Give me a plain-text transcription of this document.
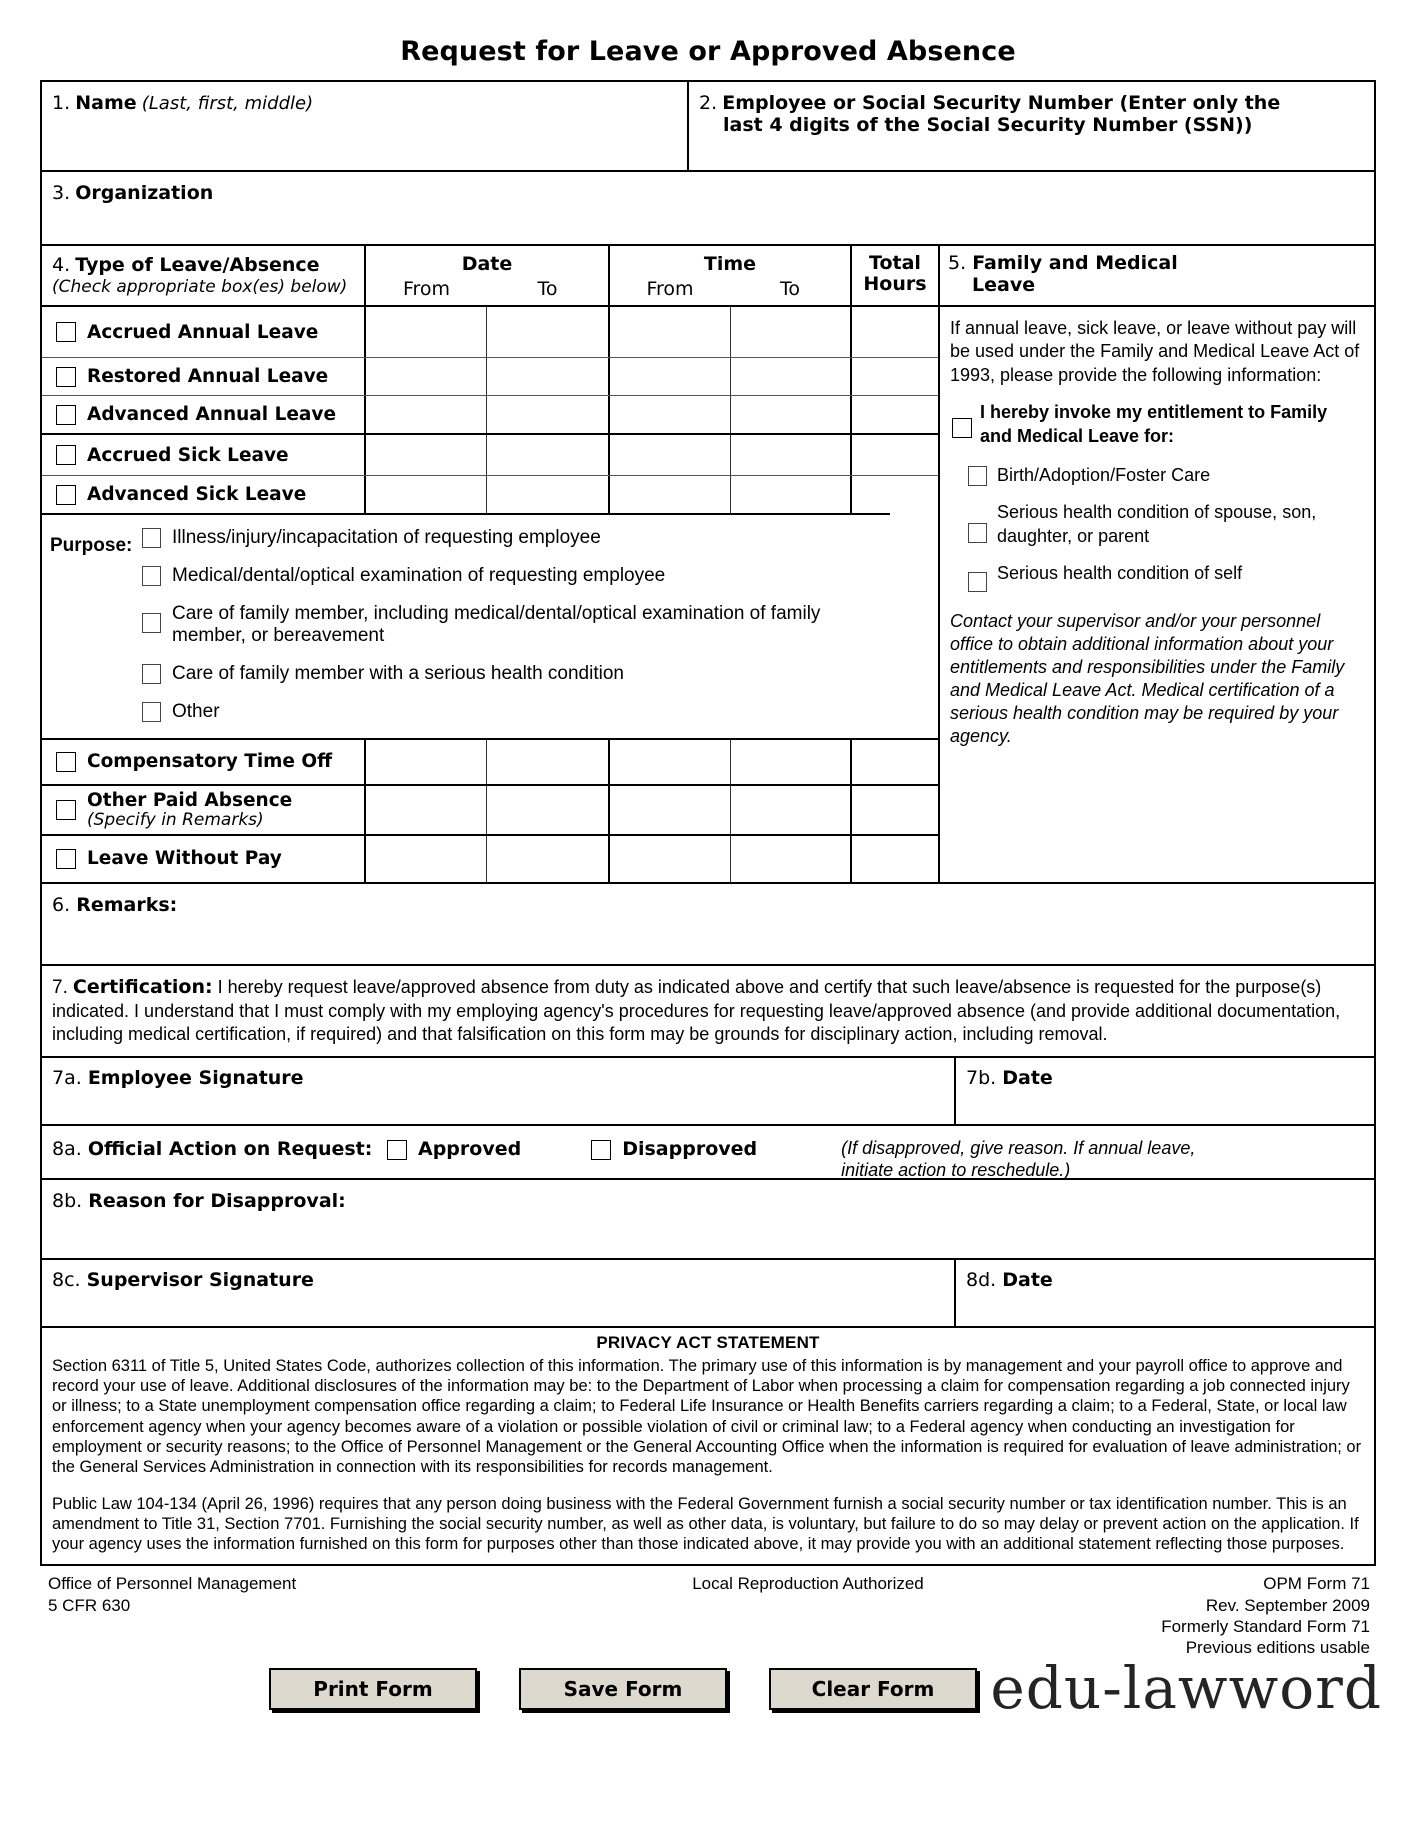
Request for Leave or Approved Absence
1. Name (Last, first, middle)	2. Employee or Social Security Number (Enter only the
last 4 digits of the Social Security Number (SSN))
3. Organization
4. Type of Leave/Absence
(Check appropriate box(es) below)
Date
From	To
Time
From	To
Total
Hours
5. Family and Medical
Leave
Accrued Annual Leave
Restored Annual Leave
Advanced Annual Leave
Accrued Sick Leave
Advanced Sick Leave
Purpose: Illness/injury/incapacitation of requesting employee
Medical/dental/optical examination of requesting employee
Care of family member, including medical/dental/optical examination of family member, or bereavement
Care of family member with a serious health condition
Other
Compensatory Time Off
Other Paid Absence
(Specify in Remarks)
Leave Without Pay
If annual leave, sick leave, or leave without pay will be used under the Family and Medical Leave Act of 1993, please provide the following information:
I hereby invoke my entitlement to Family and Medical Leave for:
Birth/Adoption/Foster Care
Serious health condition of spouse, son, daughter, or parent
Serious health condition of self
Contact your supervisor and/or your personnel office to obtain additional information about your entitlements and responsibilities under the Family and Medical Leave Act. Medical certification of a serious health condition may be required by your agency.
6. Remarks:
7. Certification: I hereby request leave/approved absence from duty as indicated above and certify that such leave/absence is requested for the purpose(s) indicated. I understand that I must comply with my employing agency's procedures for requesting leave/approved absence (and provide additional documentation, including medical certification, if required) and that falsification on this form may be grounds for disciplinary action, including removal.
7a. Employee Signature	7b. Date
8a. Official Action on Request:	Approved	Disapproved	(If disapproved, give reason. If annual leave,
initiate action to reschedule.)
8b. Reason for Disapproval:
8c. Supervisor Signature	8d. Date
PRIVACY ACT STATEMENT

Section 6311 of Title 5, United States Code, authorizes collection of this information. The primary use of this information is by management and your payroll office to approve and record your use of leave. Additional disclosures of the information may be: to the Department of Labor when processing a claim for compensation regarding a job connected injury or illness; to a State unemployment compensation office regarding a claim; to Federal Life Insurance or Health Benefits carriers regarding a claim; to a Federal, State, or local law enforcement agency when your agency becomes aware of a violation or possible violation of civil or criminal law; to a Federal agency when conducting an investigation for employment or security reasons; to the Office of Personnel Management or the General Accounting Office when the information is required for evaluation of leave administration; or the General Services Administration in connection with its responsibilities for records management.

Public Law 104-134 (April 26, 1996) requires that any person doing business with the Federal Government furnish a social security number or tax identification number. This is an amendment to Title 31, Section 7701. Furnishing the social security number, as well as other data, is voluntary, but failure to do so may delay or prevent action on the application. If your agency uses the information furnished on this form for purposes other than those indicated above, it may provide you with an additional statement reflecting those purposes.

Office of Personnel Management
5 CFR 630
Local Reproduction Authorized	OPM Form 71
Rev. September 2009
Formerly Standard Form 71
Previous editions usable
Print Form	Save Form	Clear Form edu-lawword
